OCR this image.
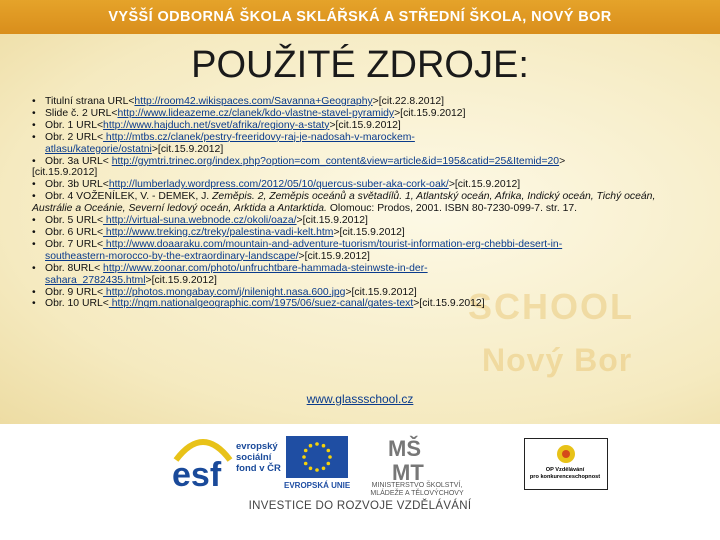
VYŠŠÍ ODBORNÁ ŠKOLA SKLÁŘSKÁ A STŘEDNÍ ŠKOLA, NOVÝ BOR
SCHOOL
Nový Bor
POUŽITÉ ZDROJE:

• Titulní strana URL<http://room42.wikispaces.com/Savanna+Geography>[cit.22.8.2012]

• Slide č. 2 URL<http://www.lideazeme.cz/clanek/kdo-vlastne-stavel-pyramidy>[cit.15.9.2012]

• Obr. 1 URL<http://www.hajduch.net/svet/afrika/regiony-a-staty>[cit.15.9.2012]

• Obr. 2 URL< http://mtbs.cz/clanek/pestry-freeridovy-raj-je-nadosah-v-marockem-
atlasu/kategorie/ostatni>[cit.15.9.2012]

• Obr. 3a URL< http://gymtri.trinec.org/index.php?option=com_content&view=article&id=195&catid=25&Itemid=20>
[cit.15.9.2012]

• Obr. 3b URL<http://lumberlady.wordpress.com/2012/05/10/quercus-suber-aka-cork-oak/>[cit.15.9.2012]

• Obr. 4 VOŽENÍLEK, V. - DEMEK, J. Zeměpis. 2, Zeměpis oceánů a světadílů. 1, Atlantský oceán, Afrika, Indický oceán, Tichý oceán, Austrálie a Oceánie, Severní ledový oceán, Arktida a Antarktida. Olomouc: Prodos, 2001. ISBN 80-7230-099-7. str. 17.

• Obr. 5 URL< http://virtual-suna.webnode.cz/okoli/oaza/>[cit.15.9.2012]

• Obr. 6 URL< http://www.treking.cz/treky/palestina-vadi-kelt.htm>[cit.15.9.2012]

• Obr. 7 URL< http://www.doaaraku.com/mountain-and-adventure-tuorism/tourist-information-erg-chebbi-desert-in-
southeastern-morocco-by-the-extraordinary-landscape/>[cit.15.9.2012]

• Obr. 8URL< http://www.zoonar.com/photo/unfruchtbare-hammada-steinwste-in-der-
sahara_2782435.html>[cit.15.9.2012]

• Obr. 9 URL< http://photos.mongabay.com/j/nilenight.nasa.600.jpg>[cit.15.9.2012]

• Obr. 10 URL< http://ngm.nationalgeographic.com/1975/06/suez-canal/gates-text>[cit.15.9.2012]

www.glassschool.cz
esf
evropský
sociální
fond v ČR
EVROPSKÁ UNIE
MŠ
MT
MINISTERSTVO ŠKOLSTVÍ,
MLÁDEŽE A TĚLOVÝCHOVY
OP Vzdělávání
pro konkurenceschopnost
INVESTICE DO ROZVOJE VZDĚLÁVÁNÍ
